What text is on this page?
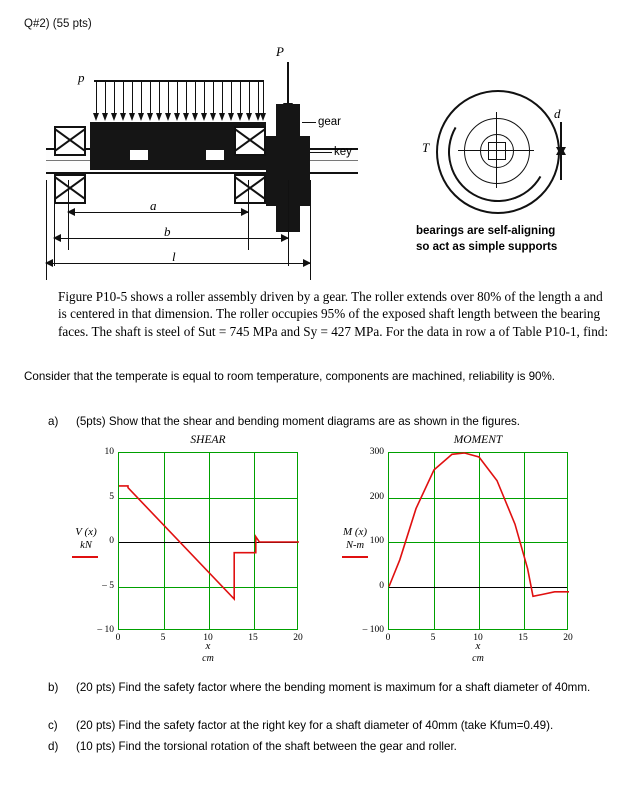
Q#2) (55 pts)
p
P
gear
key
a
b
l
T
d
bearings are self-aligning
so act as simple supports
Figure P10-5 shows a roller assembly driven by a gear. The roller extends over 80% of the length a and is centered in that dimension. The roller occupies 95% of the exposed shaft length between the bearing faces. The shaft is steel of Sut = 745 MPa and Sy = 427 MPa. For the data in row a of Table P10-1, find:
Consider that the temperate is equal to room temperature, components are machined, reliability is 90%.
a) (5pts) Show that the shear and bending moment diagrams are as shown in the figures.
SHEAR
V (x)
kN
x
cm
0	5	10	15	20
– 10
– 5
0
5
10
MOMENT
M (x)
N-m
x
cm
0	5	10	15	20
– 100
0
100
200
300
b) (20 pts) Find the safety factor where the bending moment is maximum for a shaft diameter of 40mm.
c) (20 pts) Find the safety factor at the right key for a shaft diameter of 40mm (take Kfum=0.49).
d) (10 pts) Find the torsional rotation of the shaft between the gear and roller.
